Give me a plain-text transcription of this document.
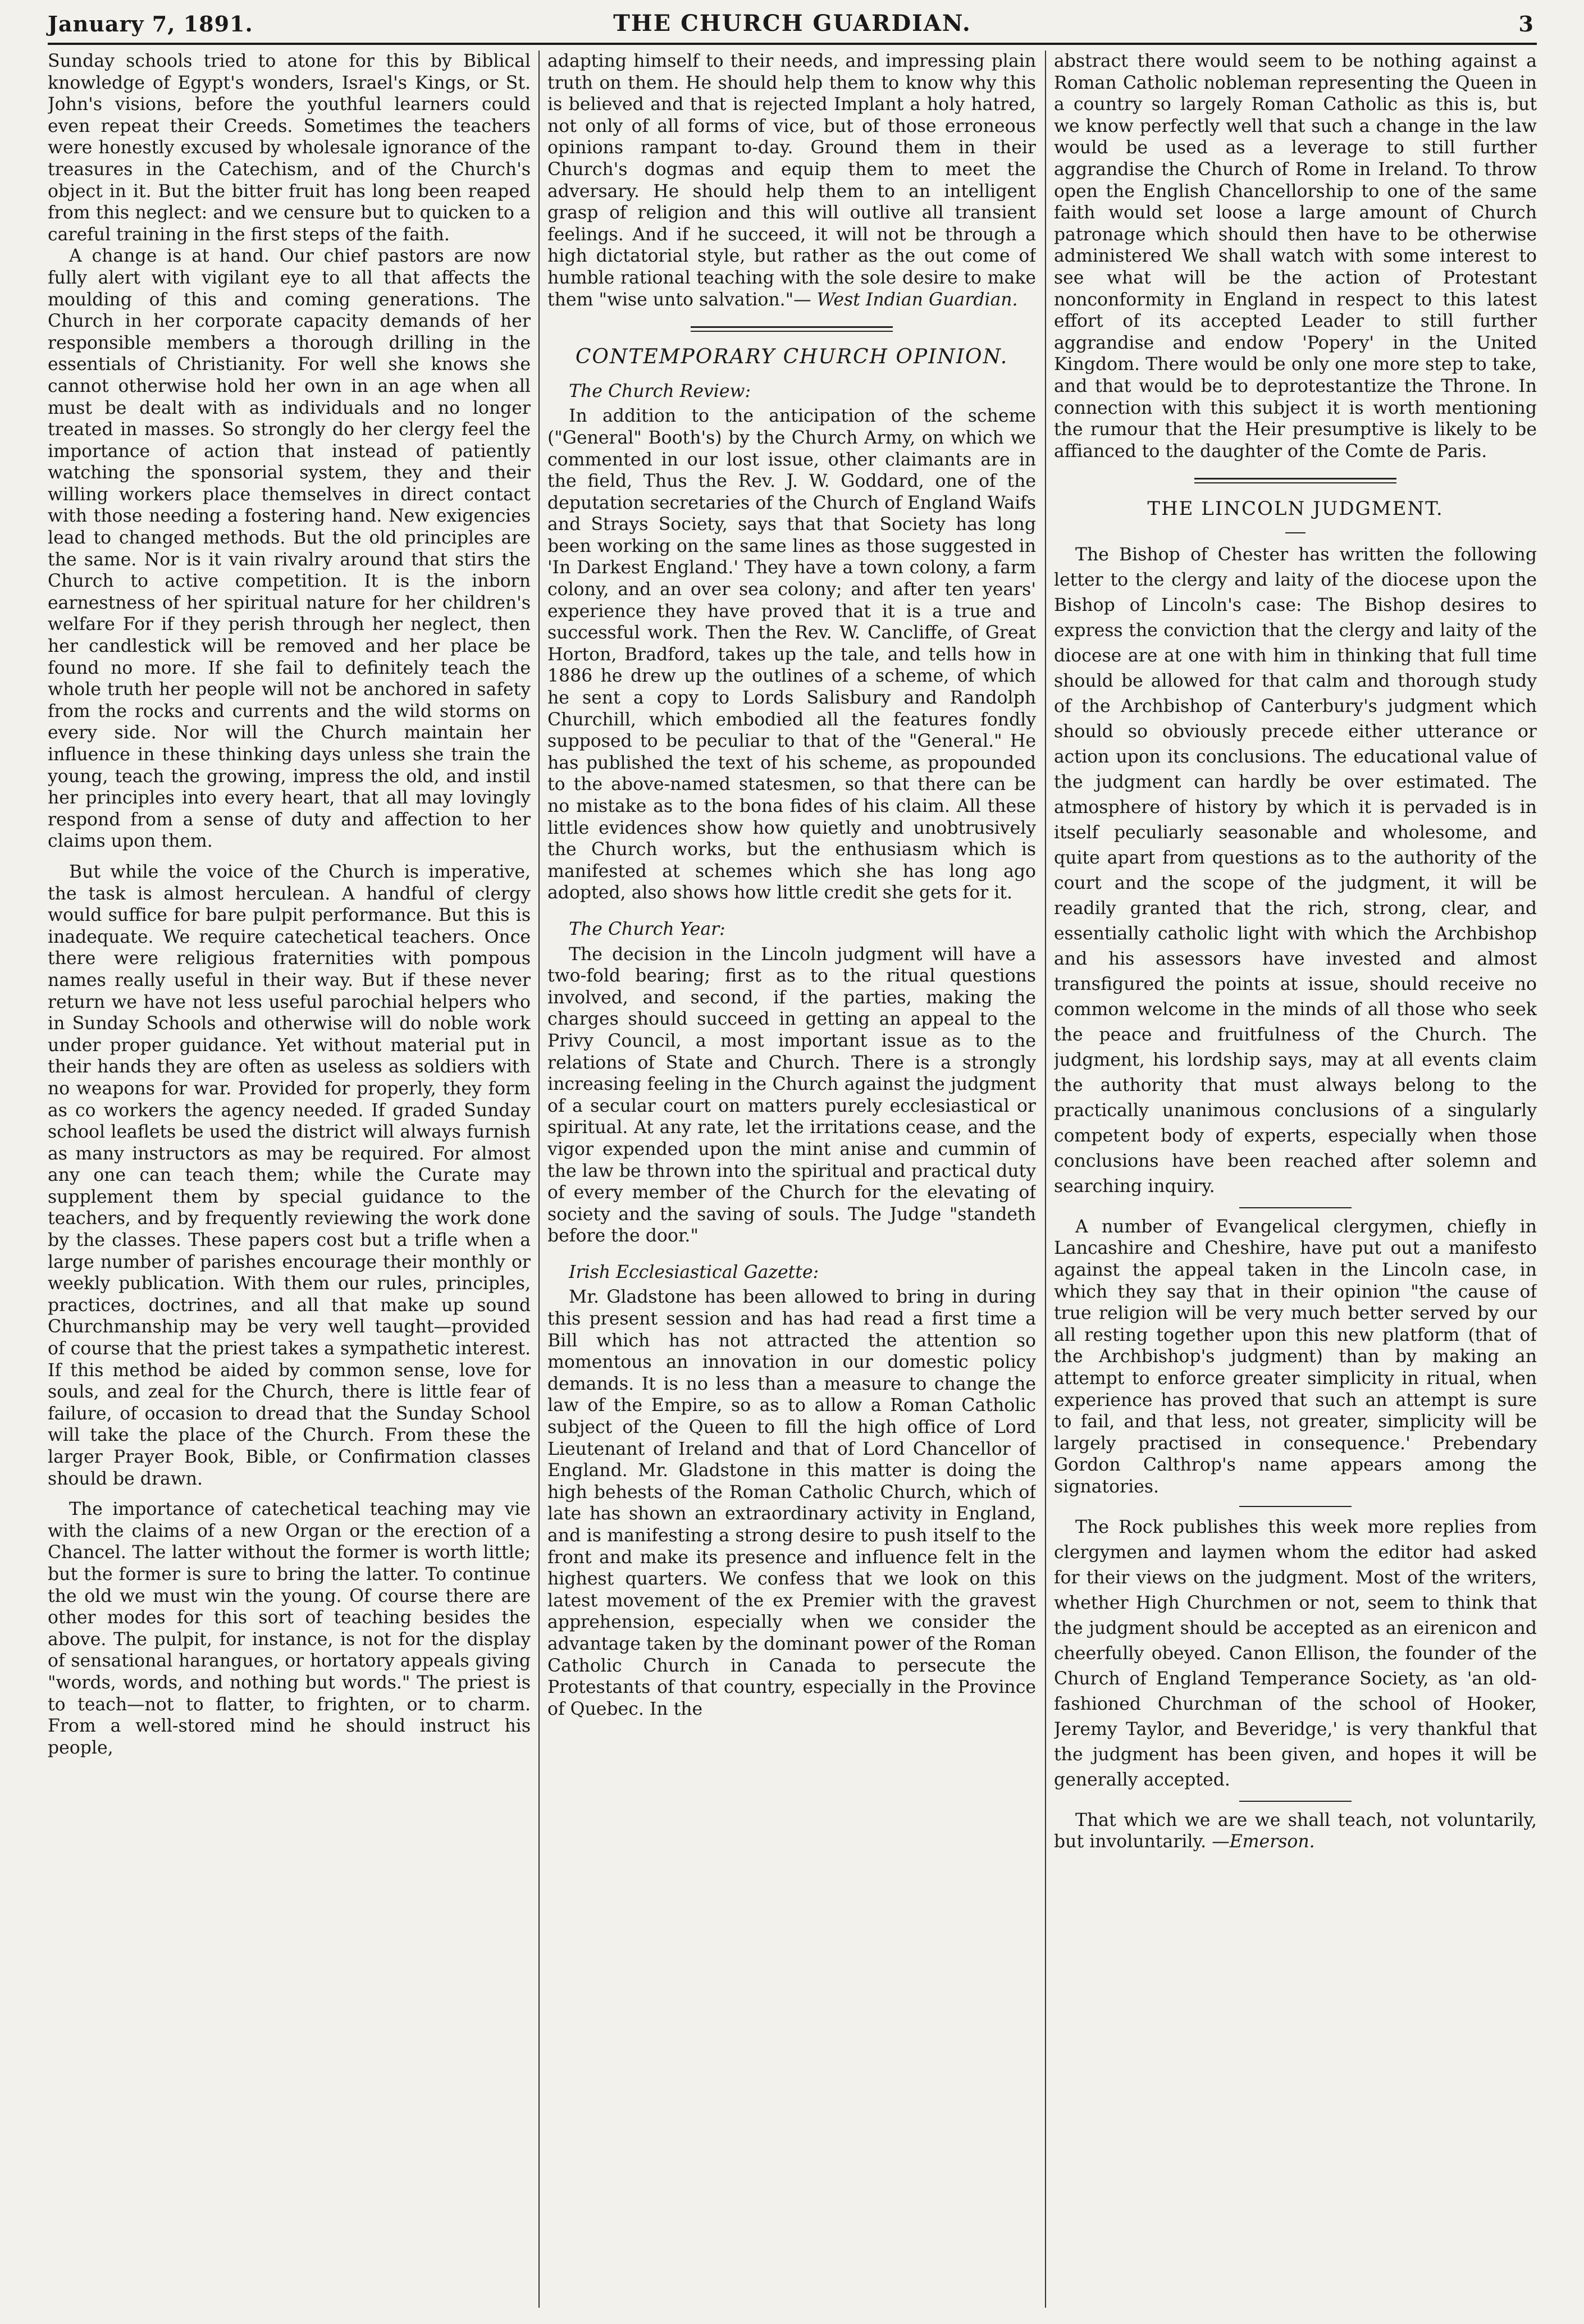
January 7, 1891.	THE CHURCH GUARDIAN.	3

Sunday schools tried to atone for this by Biblical knowledge of Egypt's wonders, Israel's Kings, or St. John's visions, before the youthful learners could even repeat their Creeds. Sometimes the teachers were honestly excused by wholesale ignorance of the treasures in the Catechism, and of the Church's object in it. But the bitter fruit has long been reaped from this neglect: and we censure but to quicken to a careful training in the first steps of the faith.

A change is at hand. Our chief pastors are now fully alert with vigilant eye to all that affects the moulding of this and coming generations. The Church in her corporate capacity demands of her responsible members a thorough drilling in the essentials of Christianity. For well she knows she cannot otherwise hold her own in an age when all must be dealt with as individuals and no longer treated in masses. So strongly do her clergy feel the importance of action that instead of patiently watching the sponsorial system, they and their willing workers place themselves in direct contact with those needing a fostering hand. New exigencies lead to changed methods. But the old principles are the same. Nor is it vain rivalry around that stirs the Church to active competition. It is the inborn earnestness of her spiritual nature for her children's welfare For if they perish through her neglect, then her candlestick will be removed and her place be found no more. If she fail to definitely teach the whole truth her people will not be anchored in safety from the rocks and currents and the wild storms on every side. Nor will the Church maintain her influence in these thinking days unless she train the young, teach the growing, impress the old, and instil her principles into every heart, that all may lovingly respond from a sense of duty and affection to her claims upon them.

But while the voice of the Church is imperative, the task is almost herculean. A handful of clergy would suffice for bare pulpit performance. But this is inadequate. We require catechetical teachers. Once there were religious fraternities with pompous names really useful in their way. But if these never return we have not less useful parochial helpers who in Sunday Schools and otherwise will do noble work under proper guidance. Yet without material put in their hands they are often as useless as soldiers with no weapons for war. Provided for properly, they form as co workers the agency needed. If graded Sunday school leaflets be used the district will always furnish as many instructors as may be required. For almost any one can teach them; while the Curate may supplement them by special guidance to the teachers, and by frequently reviewing the work done by the classes. These papers cost but a trifle when a large number of parishes encourage their monthly or weekly publication. With them our rules, principles, practices, doctrines, and all that make up sound Churchmanship may be very well taught—provided of course that the priest takes a sympathetic interest. If this method be aided by common sense, love for souls, and zeal for the Church, there is little fear of failure, of occasion to dread that the Sunday School will take the place of the Church. From these the larger Prayer Book, Bible, or Confirmation classes should be drawn.

The importance of catechetical teaching may vie with the claims of a new Organ or the erection of a Chancel. The latter without the former is worth little; but the former is sure to bring the latter. To continue the old we must win the young. Of course there are other modes for this sort of teaching besides the above. The pulpit, for instance, is not for the display of sensational harangues, or hortatory appeals giving "words, words, and nothing but words." The priest is to teach—not to flatter, to frighten, or to charm. From a well-stored mind he should instruct his people,

adapting himself to their needs, and impressing plain truth on them. He should help them to know why this is believed and that is rejected Implant a holy hatred, not only of all forms of vice, but of those erroneous opinions rampant to-day. Ground them in their Church's dogmas and equip them to meet the adversary. He should help them to an intelligent grasp of religion and this will outlive all transient feelings. And if he succeed, it will not be through a high dictatorial style, but rather as the out come of humble rational teaching with the sole desire to make them "wise unto salvation."— West Indian Guardian.

CONTEMPORARY CHURCH OPINION.
The Church Review:

In addition to the anticipation of the scheme ("General" Booth's) by the Church Army, on which we commented in our lost issue, other claimants are in the field, Thus the Rev. J. W. Goddard, one of the deputation secretaries of the Church of England Waifs and Strays Society, says that that Society has long been working on the same lines as those suggested in 'In Darkest England.' They have a town colony, a farm colony, and an over sea colony; and after ten years' experience they have proved that it is a true and successful work. Then the Rev. W. Cancliffe, of Great Horton, Bradford, takes up the tale, and tells how in 1886 he drew up the outlines of a scheme, of which he sent a copy to Lords Salisbury and Randolph Churchill, which embodied all the features fondly supposed to be peculiar to that of the "General." He has published the text of his scheme, as propounded to the above-named statesmen, so that there can be no mistake as to the bona fides of his claim. All these little evidences show how quietly and unobtrusively the Church works, but the enthusiasm which is manifested at schemes which she has long ago adopted, also shows how little credit she gets for it.

The Church Year:

The decision in the Lincoln judgment will have a two-fold bearing; first as to the ritual questions involved, and second, if the parties, making the charges should succeed in getting an appeal to the Privy Council, a most important issue as to the relations of State and Church. There is a strongly increasing feeling in the Church against the judgment of a secular court on matters purely ecclesiastical or spiritual. At any rate, let the irritations cease, and the vigor expended upon the mint anise and cummin of the law be thrown into the spiritual and practical duty of every member of the Church for the elevating of society and the saving of souls. The Judge "standeth before the door."

Irish Ecclesiastical Gazette:

Mr. Gladstone has been allowed to bring in during this present session and has had read a first time a Bill which has not attracted the attention so momentous an innovation in our domestic policy demands. It is no less than a measure to change the law of the Empire, so as to allow a Roman Catholic subject of the Queen to fill the high office of Lord Lieutenant of Ireland and that of Lord Chancellor of England. Mr. Gladstone in this matter is doing the high behests of the Roman Catholic Church, which of late has shown an extraordinary activity in England, and is manifesting a strong desire to push itself to the front and make its presence and influence felt in the highest quarters. We confess that we look on this latest movement of the ex Premier with the gravest apprehension, especially when we consider the advantage taken by the dominant power of the Roman Catholic Church in Canada to persecute the Protestants of that country, especially in the Province of Quebec. In the

abstract there would seem to be nothing against a Roman Catholic nobleman representing the Queen in a country so largely Roman Catholic as this is, but we know perfectly well that such a change in the law would be used as a leverage to still further aggrandise the Church of Rome in Ireland. To throw open the English Chancellorship to one of the same faith would set loose a large amount of Church patronage which should then have to be otherwise administered We shall watch with some interest to see what will be the action of Protestant nonconformity in England in respect to this latest effort of its accepted Leader to still further aggrandise and endow 'Popery' in the United Kingdom. There would be only one more step to take, and that would be to deprotestantize the Throne. In connection with this subject it is worth mentioning the rumour that the Heir presumptive is likely to be affianced to the daughter of the Comte de Paris.

THE LINCOLN JUDGMENT.

The Bishop of Chester has written the following letter to the clergy and laity of the diocese upon the Bishop of Lincoln's case: The Bishop desires to express the conviction that the clergy and laity of the diocese are at one with him in thinking that full time should be allowed for that calm and thorough study of the Archbishop of Canterbury's judgment which should so obviously precede either utterance or action upon its conclusions. The educational value of the judgment can hardly be over estimated. The atmosphere of history by which it is pervaded is in itself peculiarly seasonable and wholesome, and quite apart from questions as to the authority of the court and the scope of the judgment, it will be readily granted that the rich, strong, clear, and essentially catholic light with which the Archbishop and his assessors have invested and almost transfigured the points at issue, should receive no common welcome in the minds of all those who seek the peace and fruitfulness of the Church. The judgment, his lordship says, may at all events claim the authority that must always belong to the practically unanimous conclusions of a singularly competent body of experts, especially when those conclusions have been reached after solemn and searching inquiry.

A number of Evangelical clergymen, chiefly in Lancashire and Cheshire, have put out a manifesto against the appeal taken in the Lincoln case, in which they say that in their opinion "the cause of true religion will be very much better served by our all resting together upon this new platform (that of the Archbishop's judgment) than by making an attempt to enforce greater simplicity in ritual, when experience has proved that such an attempt is sure to fail, and that less, not greater, simplicity will be largely practised in consequence.' Prebendary Gordon Calthrop's name appears among the signatories.

The Rock publishes this week more replies from clergymen and laymen whom the editor had asked for their views on the judgment. Most of the writers, whether High Churchmen or not, seem to think that the judgment should be accepted as an eirenicon and cheerfully obeyed. Canon Ellison, the founder of the Church of England Temperance Society, as 'an old-fashioned Churchman of the school of Hooker, Jeremy Taylor, and Beveridge,' is very thankful that the judgment has been given, and hopes it will be generally accepted.

That which we are we shall teach, not voluntarily, but involuntarily. —Emerson.
